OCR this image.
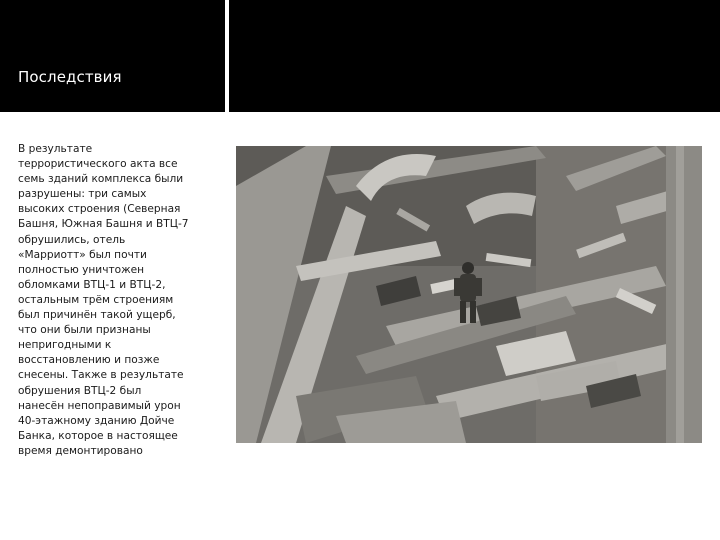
Последствия
В результате
террористического акта все
семь зданий комплекса были
разрушены: три самых
высоких строения (Северная
Башня, Южная Башня и ВТЦ-7
обрушились, отель
«Марриотт» был почти
полностью уничтожен
обломками ВТЦ-1 и ВТЦ-2,
остальным трём строениям
был причинён такой ущерб,
что они были признаны
непригодными к
восстановлению и позже
снесены. Также в результате
обрушения ВТЦ-2 был
нанесён непоправимый урон
40-этажному зданию Дойче
Банка, которое в настоящее
время демонтировано
